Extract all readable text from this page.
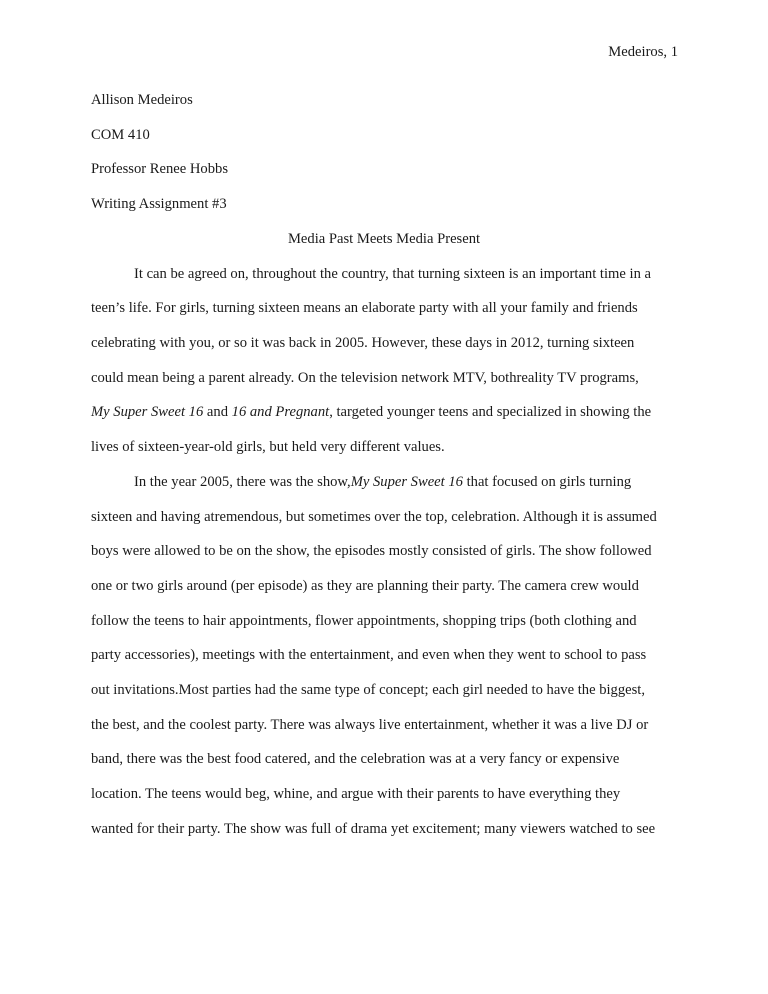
Medeiros, 1
Allison Medeiros
COM 410
Professor Renee Hobbs
Writing Assignment #3
Media Past Meets Media Present
It can be agreed on, throughout the country, that turning sixteen is an important time in a
teen’s life. For girls, turning sixteen means an elaborate party with all your family and friends
celebrating with you, or so it was back in 2005. However, these days in 2012, turning sixteen
could mean being a parent already. On the television network MTV, bothreality TV programs,
My Super Sweet 16 and 16 and Pregnant, targeted younger teens and specialized in showing the
lives of sixteen-year-old girls, but held very different values.
In the year 2005, there was the show,My Super Sweet 16 that focused on girls turning
sixteen and having atremendous, but sometimes over the top, celebration. Although it is assumed
boys were allowed to be on the show, the episodes mostly consisted of girls. The show followed
one or two girls around (per episode) as they are planning their party. The camera crew would
follow the teens to hair appointments, flower appointments, shopping trips (both clothing and
party accessories), meetings with the entertainment, and even when they went to school to pass
out invitations.Most parties had the same type of concept; each girl needed to have the biggest,
the best, and the coolest party. There was always live entertainment, whether it was a live DJ or
band, there was the best food catered, and the celebration was at a very fancy or expensive
location. The teens would beg, whine, and argue with their parents to have everything they
wanted for their party. The show was full of drama yet excitement; many viewers watched to see
